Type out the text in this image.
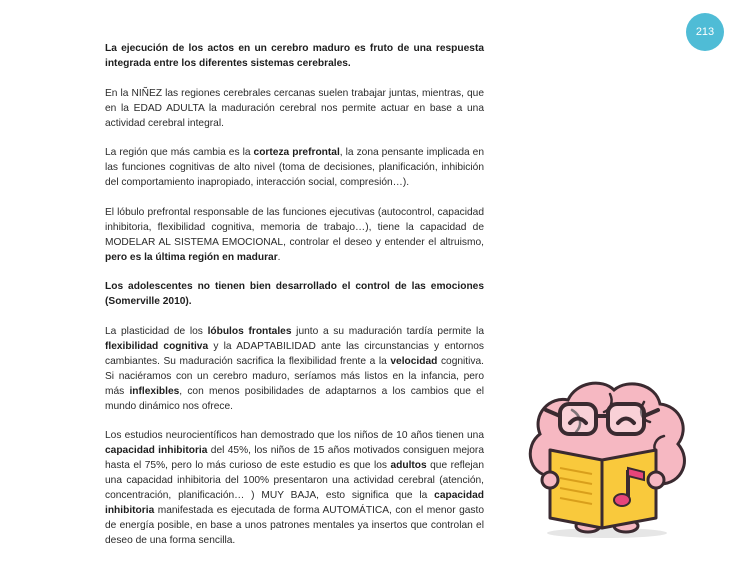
213

La ejecución de los actos en un cerebro maduro es fruto de una respuesta integrada entre los diferentes sistemas cerebrales.

En la NIÑEZ las regiones cerebrales cercanas suelen trabajar juntas, mientras, que en la EDAD ADULTA la maduración cerebral nos permite actuar en base a una actividad cerebral integral.

La región que más cambia es la corteza prefrontal, la zona pensante implicada en las funciones cognitivas de alto nivel (toma de decisiones, planificación, inhibición del comportamiento inapropiado, interacción social, compresión…).

El lóbulo prefrontal responsable de las funciones ejecutivas (autocontrol, capacidad inhibitoria, flexibilidad cognitiva, memoria de trabajo…), tiene la capacidad de MODELAR AL SISTEMA EMOCIONAL, controlar el deseo y entender el altruismo, pero es la última región en madurar.

Los adolescentes no tienen bien desarrollado el control de las emociones (Somerville 2010).

La plasticidad de los lóbulos frontales junto a su maduración tardía permite la flexibilidad cognitiva y la ADAPTABILIDAD ante las circunstancias y entornos cambiantes. Su maduración sacrifica la flexibilidad frente a la velocidad cognitiva. Si naciéramos con un cerebro maduro, seríamos más listos en la infancia, pero más inflexibles, con menos posibilidades de adaptarnos a los cambios que el mundo dinámico nos ofrece.

Los estudios neurocientíficos han demostrado que los niños de 10 años tienen una capacidad inhibitoria del 45%, los niños de 15 años motivados consiguen mejora hasta el 75%, pero lo más curioso de este estudio es que los adultos que reflejan una capacidad inhibitoria del 100% presentaron una actividad cerebral (atención, concentración, planificación… ) MUY BAJA, esto significa que la capacidad inhibitoria manifestada es ejecutada de forma AUTOMÁTICA, con el menor gasto de energía posible, en base a unos patrones mentales ya insertos que controlan el deseo de una forma sencilla.
